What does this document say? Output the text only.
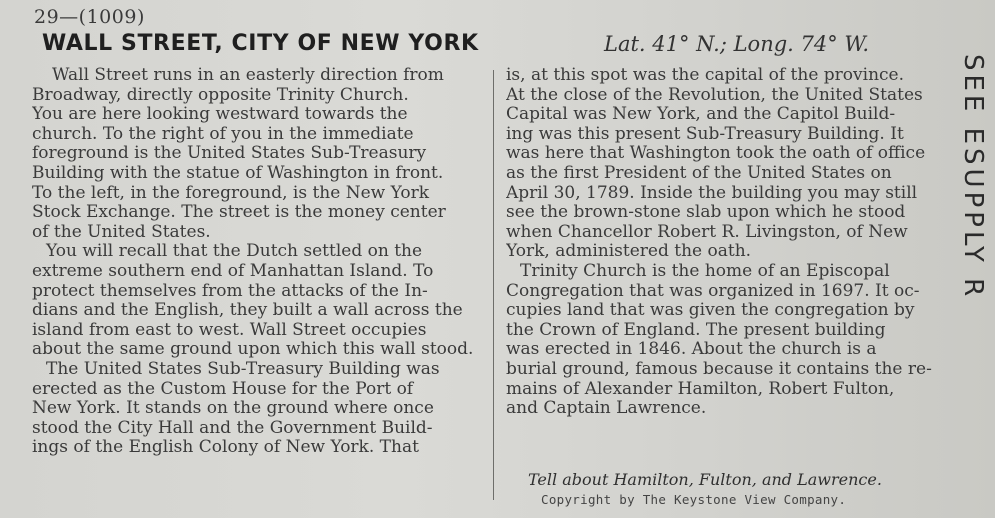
29—(1009)
WALL STREET, CITY OF NEW YORK	Lat. 41° N.; Long. 74° W.
Wall Street runs in an easterly direction from
Broadway, directly opposite Trinity Church.
You are here looking westward towards the
church. To the right of you in the immediate
foreground is the United States Sub-Treasury
Building with the statue of Washington in front.
To the left, in the foreground, is the New York
Stock Exchange. The street is the money center
of the United States.
You will recall that the Dutch settled on the
extreme southern end of Manhattan Island. To
protect themselves from the attacks of the In-
dians and the English, they built a wall across the
island from east to west. Wall Street occupies
about the same ground upon which this wall stood.
The United States Sub-Treasury Building was
erected as the Custom House for the Port of
New York. It stands on the ground where once
stood the City Hall and the Government Build-
ings of the English Colony of New York. That
is, at this spot was the capital of the province.
At the close of the Revolution, the United States
Capital was New York, and the Capitol Build-
ing was this present Sub-Treasury Building. It
was here that Washington took the oath of office
as the first President of the United States on
April 30, 1789. Inside the building you may still
see the brown-stone slab upon which he stood
when Chancellor Robert R. Livingston, of New
York, administered the oath.
Trinity Church is the home of an Episcopal
Congregation that was organized in 1697. It oc-
cupies land that was given the congregation by
the Crown of England. The present building
was erected in 1846. About the church is a
burial ground, famous because it contains the re-
mains of Alexander Hamilton, Robert Fulton,
and Captain Lawrence.
Tell about Hamilton, Fulton, and Lawrence.
Copyright by The Keystone View Company.
SEE ESUPPLY R
